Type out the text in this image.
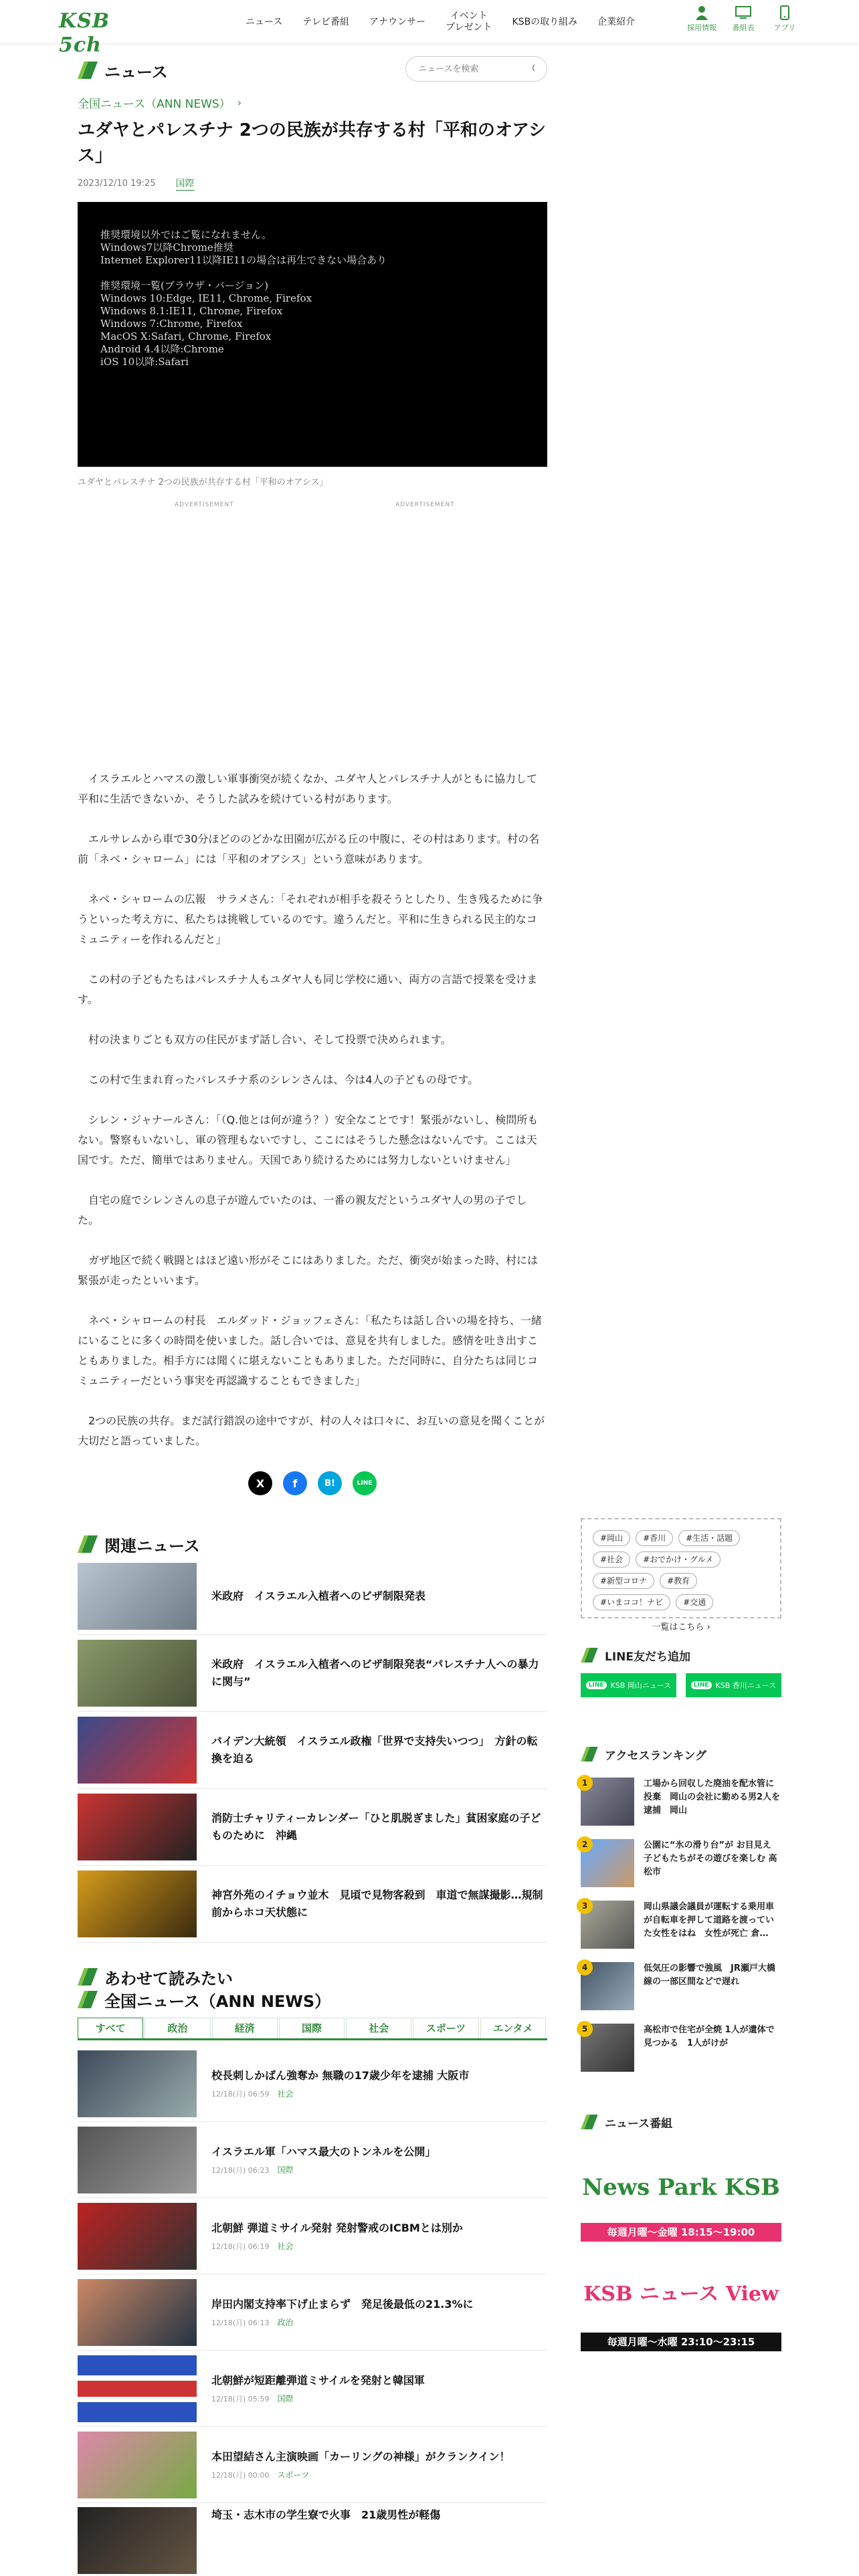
KSB 5ch
ニュース	テレビ番組	アナウンサー
イベント
プレゼント
KSBの取り組み	企業紹介
採用情報	番組表	アプリ
ニュース
ニュースを検索
全国ニュース（ANN NEWS） ›
ユダヤとパレスチナ 2つの民族が共存する村「平和のオアシス」
2023/12/10 19:25 国際
推奨環境以外ではご覧になれません。
Windows7以降Chrome推奨
Internet Explorer11以降IE11の場合は再生できない場合あり

推奨環境一覧(ブラウザ・バージョン)
Windows 10:Edge, IE11, Chrome, Firefox
Windows 8.1:IE11, Chrome, Firefox
Windows 7:Chrome, Firefox
MacOS X:Safari, Chrome, Firefox
Android 4.4以降:Chrome
iOS 10以降:Safari
ユダヤとパレスチナ 2つの民族が共存する村「平和のオアシス」
ADVERTISEMENT	ADVERTISEMENT

イスラエルとハマスの激しい軍事衝突が続くなか、ユダヤ人とパレスチナ人がともに協力して平和に生活できないか、そうした試みを続けている村があります。

エルサレムから車で30分ほどののどかな田園が広がる丘の中腹に、その村はあります。村の名前「ネベ・シャローム」には「平和のオアシス」という意味があります。

ネベ・シャロームの広報　サラメさん：「それぞれが相手を殺そうとしたり、生き残るために争うといった考え方に、私たちは挑戦しているのです。違うんだと。平和に生きられる民主的なコミュニティーを作れるんだと」

この村の子どもたちはパレスチナ人もユダヤ人も同じ学校に通い、両方の言語で授業を受けます。

村の決まりごとも双方の住民がまず話し合い、そして投票で決められます。

この村で生まれ育ったパレスチナ系のシレンさんは、今は4人の子どもの母です。

シレン・ジャナールさん：「（Q.他とは何が違う？）安全なことです！緊張がないし、検問所もない。警察もいないし、軍の管理もないですし、ここにはそうした懸念はないんです。ここは天国です。ただ、簡単ではありません。天国であり続けるためには努力しないといけません」

自宅の庭でシレンさんの息子が遊んでいたのは、一番の親友だというユダヤ人の男の子でした。

ガザ地区で続く戦闘とはほど遠い形がそこにはありました。ただ、衝突が始まった時、村には緊張が走ったといいます。

ネベ・シャロームの村長　エルダッド・ジョッフェさん：「私たちは話し合いの場を持ち、一緒にいることに多くの時間を使いました。話し合いでは、意見を共有しました。感情を吐き出すこともありました。相手方には聞くに堪えないこともありました。ただ同時に、自分たちは同じコミュニティーだという事実を再認識することもできました」

2つの民族の共存。まだ試行錯誤の途中ですが、村の人々は口々に、お互いの意見を聞くことが大切だと語っていました。

X	f	B!	LINE
関連ニュース
米政府　イスラエル入植者へのビザ制限発表
米政府　イスラエル入植者へのビザ制限発表“パレスチナ人への暴力に関与”
バイデン大統領　イスラエル政権「世界で支持失いつつ」　方針の転換を迫る
消防士チャリティーカレンダー「ひと肌脱ぎました」貧困家庭の子どものために　沖縄
神宮外苑のイチョウ並木　見頃で見物客殺到　車道で無謀撮影…規制前からホコ天状態に
あわせて読みたい
全国ニュース（ANN NEWS）
すべて	政治	経済	国際	社会	スポーツ	エンタメ
校長刺しかばん強奪か 無職の17歳少年を逮捕 大阪市
12/18(月) 06:59 社会
イスラエル軍「ハマス最大のトンネルを公開」
12/18(月) 06:23 国際
北朝鮮 弾道ミサイル発射 発射警戒のICBMとは別か
12/18(月) 06:19 社会
岸田内閣支持率下げ止まらず　発足後最低の21.3%に
12/18(月) 06:13 政治
北朝鮮が短距離弾道ミサイルを発射と韓国軍
12/18(月) 05:59 国際
本田望結さん主演映画「カーリングの神様」がクランクイン！
12/18(月) 00:00 スポーツ
埼玉・志木市の学生寮で火事　21歳男性が軽傷
#岡山	#香川	#生活・話題
#社会	#おでかけ・グルメ
#新型コロナ	#教育
#いまココ！ナビ	#交通
一覧はこちら ›
LINE友だち追加
LINE KSB 岡山ニュース	LINE KSB 香川ニュース
アクセスランキング
1	工場から回収した廃油を配水管に投棄　岡山の会社に勤める男2人を逮捕　岡山
2	公園に“氷の滑り台”が お目見え 子どもたちがその遊びを楽しむ 高松市
3	岡山県議会議員が運転する乗用車が自転車を押して道路を渡っていた女性をはね　女性が死亡 倉…
4	低気圧の影響で強風　JR瀬戸大橋線の一部区間などで遅れ
5	高松市で住宅が全焼 1人が遺体で見つかる　1人がけが
ニュース番組
News Park KSB
毎週月曜～金曜 18:15～19:00
KSB ニュース View
毎週月曜～水曜 23:10～23:15
